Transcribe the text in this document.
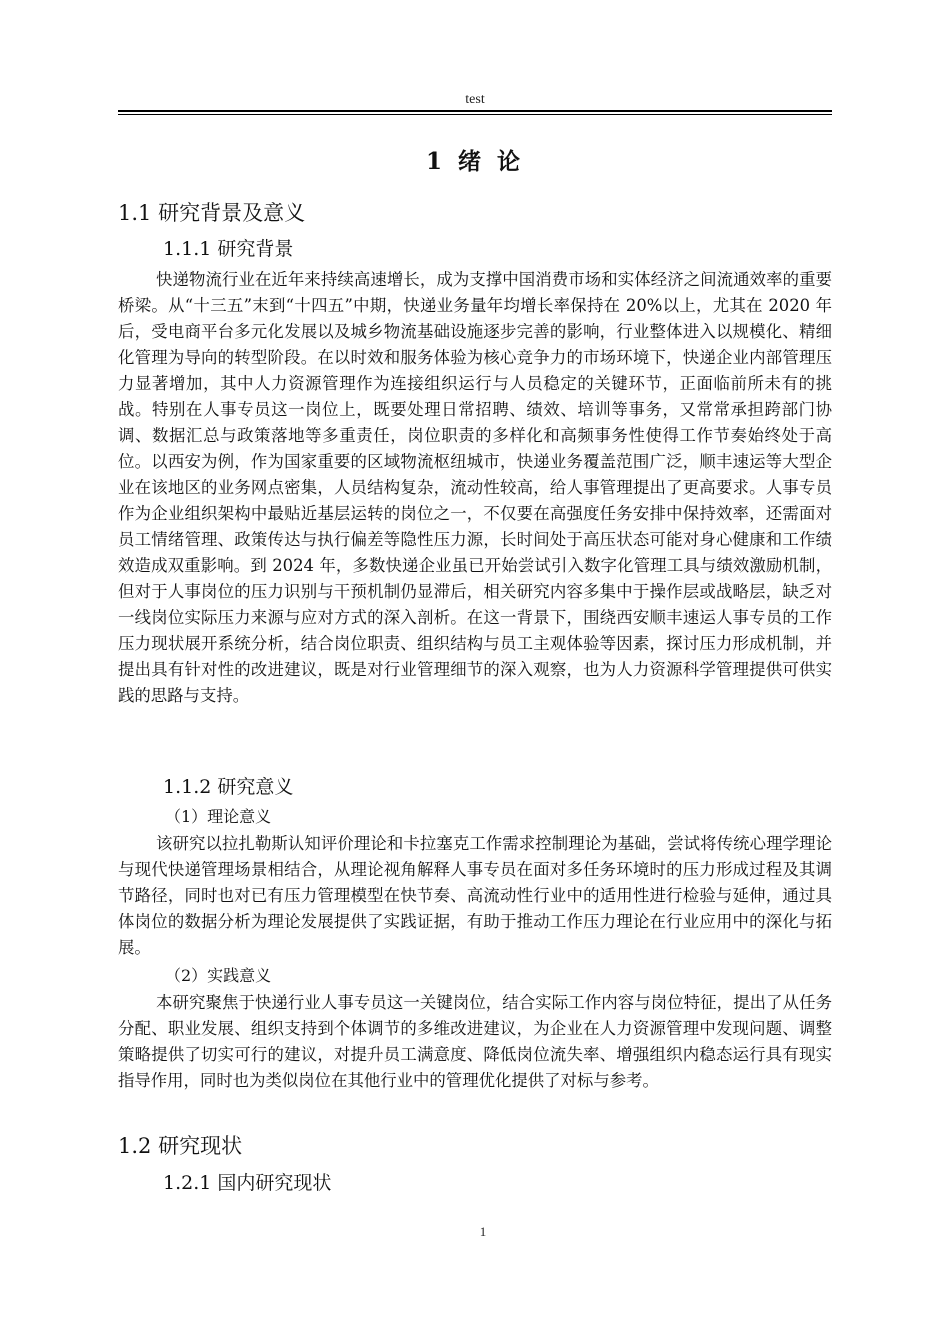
test
1 绪 论
1.1 研究背景及意义
1.1.1 研究背景

快递物流行业在近年来持续高速增长，成为支撑中国消费市场和实体经济之间流通效率的重要桥梁。从“十三五”末到“十四五”中期，快递业务量年均增长率保持在 20%以上，尤其在 2020 年后，受电商平台多元化发展以及城乡物流基础设施逐步完善的影响，行业整体进入以规模化、精细化管理为导向的转型阶段。在以时效和服务体验为核心竞争力的市场环境下，快递企业内部管理压力显著增加，其中人力资源管理作为连接组织运行与人员稳定的关键环节，正面临前所未有的挑战。特别在人事专员这一岗位上，既要处理日常招聘、绩效、培训等事务，又常常承担跨部门协调、数据汇总与政策落地等多重责任，岗位职责的多样化和高频事务性使得工作节奏始终处于高位。以西安为例，作为国家重要的区域物流枢纽城市，快递业务覆盖范围广泛，顺丰速运等大型企业在该地区的业务网点密集，人员结构复杂，流动性较高，给人事管理提出了更高要求。人事专员作为企业组织架构中最贴近基层运转的岗位之一，不仅要在高强度任务安排中保持效率，还需面对员工情绪管理、政策传达与执行偏差等隐性压力源，长时间处于高压状态可能对身心健康和工作绩效造成双重影响。到 2024 年，多数快递企业虽已开始尝试引入数字化管理工具与绩效激励机制，但对于人事岗位的压力识别与干预机制仍显滞后，相关研究内容多集中于操作层或战略层，缺乏对一线岗位实际压力来源与应对方式的深入剖析。在这一背景下，围绕西安顺丰速运人事专员的工作压力现状展开系统分析，结合岗位职责、组织结构与员工主观体验等因素，探讨压力形成机制，并提出具有针对性的改进建议，既是对行业管理细节的深入观察，也为人力资源科学管理提供可供实践的思路与支持。

1.1.2 研究意义
（1）理论意义

该研究以拉扎勒斯认知评价理论和卡拉塞克工作需求控制理论为基础，尝试将传统心理学理论与现代快递管理场景相结合，从理论视角解释人事专员在面对多任务环境时的压力形成过程及其调节路径，同时也对已有压力管理模型在快节奏、高流动性行业中的适用性进行检验与延伸，通过具体岗位的数据分析为理论发展提供了实践证据，有助于推动工作压力理论在行业应用中的深化与拓展。

（2）实践意义

本研究聚焦于快递行业人事专员这一关键岗位，结合实际工作内容与岗位特征，提出了从任务分配、职业发展、组织支持到个体调节的多维改进建议，为企业在人力资源管理中发现问题、调整策略提供了切实可行的建议，对提升员工满意度、降低岗位流失率、增强组织内稳态运行具有现实指导作用，同时也为类似岗位在其他行业中的管理优化提供了对标与参考。

1.2 研究现状
1.2.1 国内研究现状
1
